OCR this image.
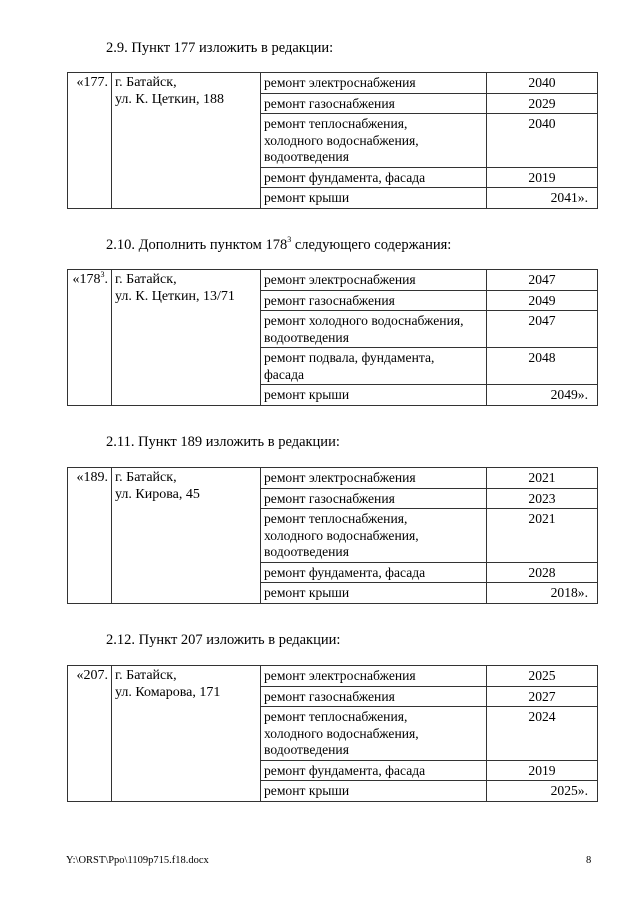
2.9. Пункт 177 изложить в редакции:
«177.	г. Батайск,
ул. К. Цеткин, 188	ремонт электроснабжения	2040
		ремонт газоснабжения	2029
		ремонт теплоснабжения,
холодного водоснабжения,
водоотведения	2040
		ремонт фундамента, фасада	2019
		ремонт крыши	2041».
2.10. Дополнить пунктом $178^3$ следующего содержания:
«$178^3$.	г. Батайск,
ул. К. Цеткин, 13/71	ремонт электроснабжения	2047
		ремонт газоснабжения	2049
		ремонт холодного водоснабжения,
водоотведения	2047
		ремонт подвала, фундамента,
фасада	2048
		ремонт крыши	2049».
2.11. Пункт 189 изложить в редакции:
«189.	г. Батайск,
ул. Кирова, 45	ремонт электроснабжения	2021
		ремонт газоснабжения	2023
		ремонт теплоснабжения,
холодного водоснабжения,
водоотведения	2021
		ремонт фундамента, фасада	2028
		ремонт крыши	2018».
2.12. Пункт 207 изложить в редакции:
«207.	г. Батайск,
ул. Комарова, 171	ремонт электроснабжения	2025
		ремонт газоснабжения	2027
		ремонт теплоснабжения,
холодного водоснабжения,
водоотведения	2024
		ремонт фундамента, фасада	2019
		ремонт крыши	2025».
Y:\ORST\Ppo\1109p715.f18.docx	8
